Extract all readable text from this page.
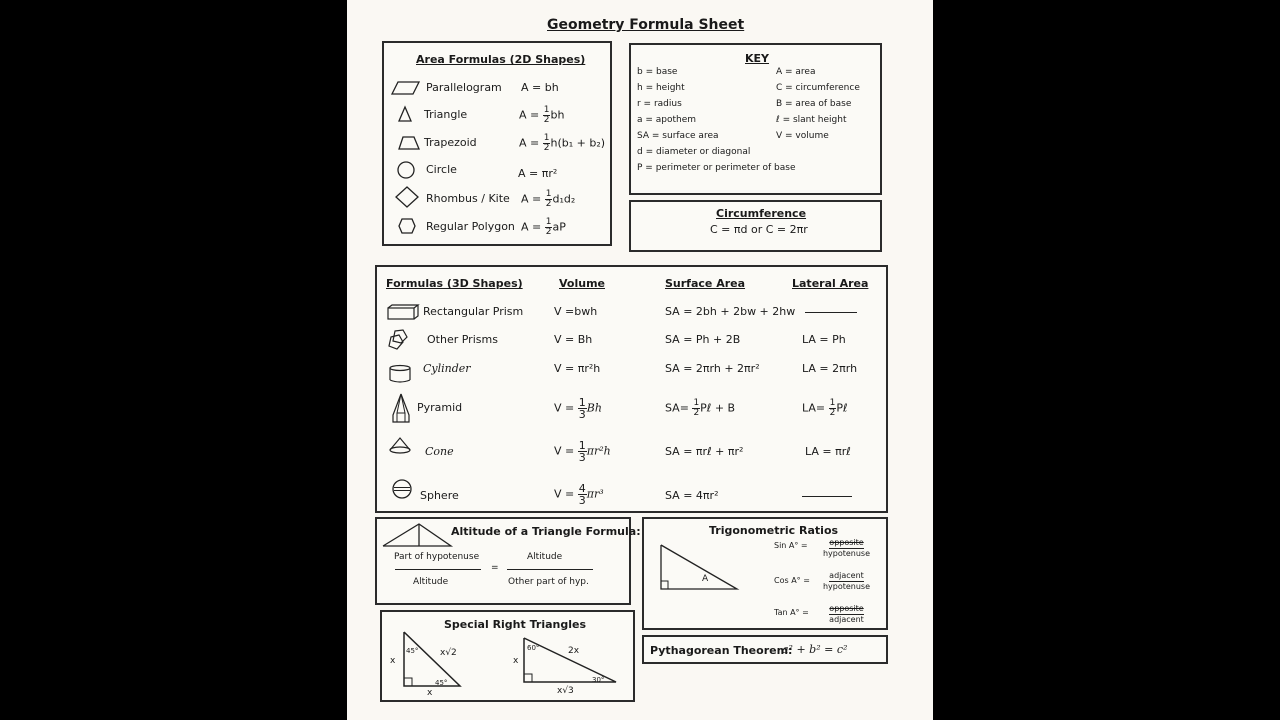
Geometry Formula Sheet
Area Formulas (2D Shapes)
Parallelogram A = bh
Triangle	$A = \frac{1}{2}$ bh
Trapezoid	$A = \frac{1}{2} h(b_1 + b_2)$
Circle	A = πr²
Rhombus / Kite $A = \frac{1}{2} d_1d_2$
Regular Polygon $A = \frac{1}{2}$ aP
KEY
b = base
h = height
r = radius
a = apothem
SA = surface area
d = diameter or diagonal
P = perimeter or perimeter of base
A = area
C = circumference
B = area of base
ℓ = slant height
V = volume
Circumference
C = πd or C = 2πr
Formulas (3D Shapes)	Volume	Surface Area	Lateral Area
Rectangular Prism	V =bwh	SA = 2bh + 2bw + 2hw
Other Prisms	V = Bh	SA = Ph + 2B	LA = Ph
Cylinder	V = πr²h	SA = 2πrh + 2πr²	LA = 2πrh
Pyramid	$V = \frac{1}{3}$ Bh	$SA= \frac{1}{2}$ Pℓ + B	$LA= \frac{1}{2}$ Pℓ
Cone	$V = \frac{1}{3} \pi r^2h$	SA = πrℓ + πr²	LA = πrℓ
Sphere	$V = \frac{4}{3} \pi r^3$	SA = 4πr²
Altitude of a Triangle Formula:
Part of hypotenuse
Altitude
=
Altitude
Other part of hyp.
Trigonometric Ratios
A
Sin A° =	opposite
hypotenuse
Cos A° =
adjacent
hypotenuse
Tan A° =	opposite
adjacent
Pythagorean Theorem:
a² + b² = c²
Special Right Triangles
x
x
x√2
45°
45°
x
x√3
2x
60°
30°
